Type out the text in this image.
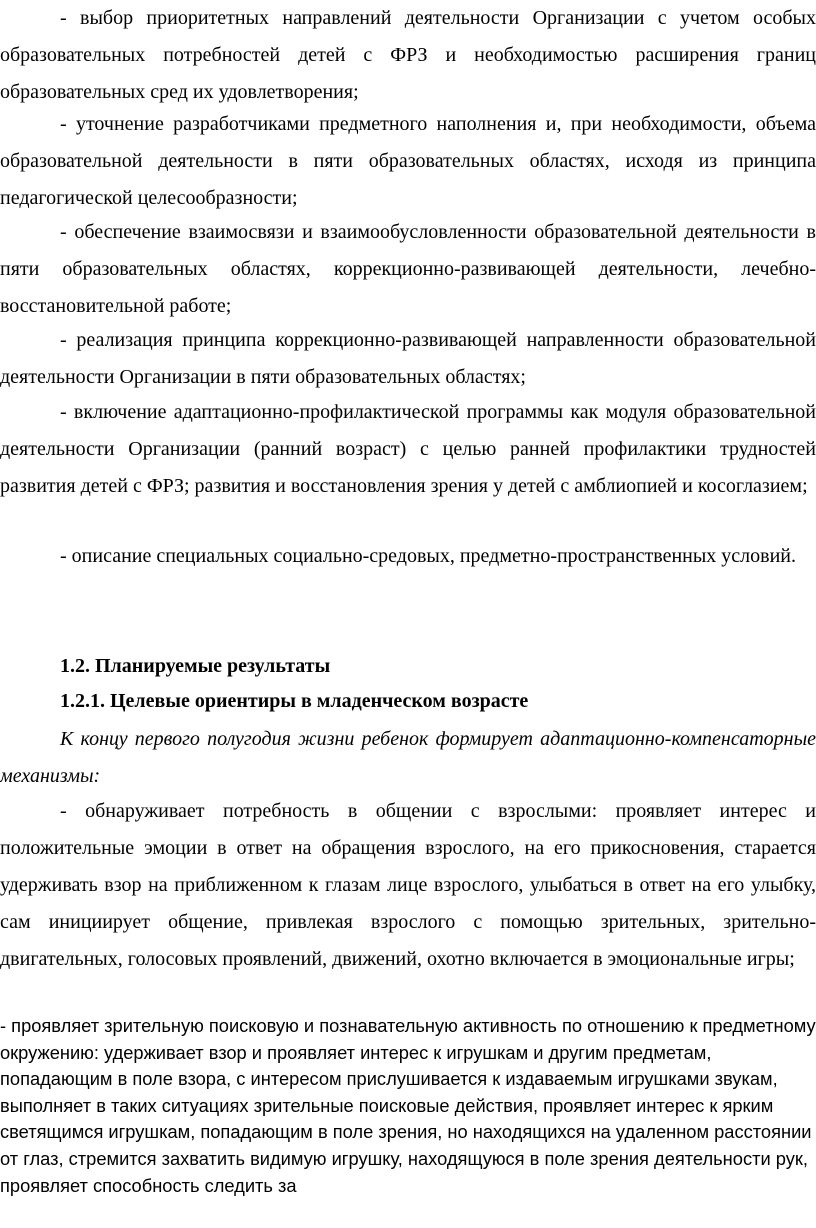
- выбор приоритетных направлений деятельности Организации с учетом особых образовательных потребностей детей с ФРЗ и необходимостью расширения границ образовательных сред их удовлетворения;

- уточнение разработчиками предметного наполнения и, при необходимости, объема образовательной деятельности в пяти образовательных областях, исходя из принципа педагогической целесообразности;

- обеспечение взаимосвязи и взаимообусловленности образовательной деятельности в пяти образовательных областях, коррекционно-развивающей деятельности, лечебно-восстановительной работе;

- реализация принципа коррекционно-развивающей направленности образовательной деятельности Организации в пяти образовательных областях;

- включение адаптационно-профилактической программы как модуля образовательной деятельности Организации (ранний возраст) с целью ранней профилактики трудностей развития детей с ФРЗ; развития и восстановления зрения у детей с амблиопией и косоглазием;

- описание специальных социально-средовых, предметно-пространственных условий.

1.2. Планируемые результаты
1.2.1. Целевые ориентиры в младенческом возрасте

К концу первого полугодия жизни ребенок формирует адаптационно-компенсаторные механизмы:

- обнаруживает потребность в общении с взрослыми: проявляет интерес и положительные эмоции в ответ на обращения взрослого, на его прикосновения, старается удерживать взор на приближенном к глазам лице взрослого, улыбаться в ответ на его улыбку, сам инициирует общение, привлекая взрослого с помощью зрительных, зрительно-двигательных, голосовых проявлений, движений, охотно включается в эмоциональные игры;

- проявляет зрительную поисковую и познавательную активность по отношению к предметному окружению: удерживает взор и проявляет интерес к игрушкам и другим предметам, попадающим в поле взора, с интересом прислушивается к издаваемым игрушками звукам, выполняет в таких ситуациях зрительные поисковые действия, проявляет интерес к ярким светящимся игрушкам, попадающим в поле зрения, но находящихся на удаленном расстоянии от глаз, стремится захватить видимую игрушку, находящуюся в поле зрения деятельности рук, проявляет способность следить за
